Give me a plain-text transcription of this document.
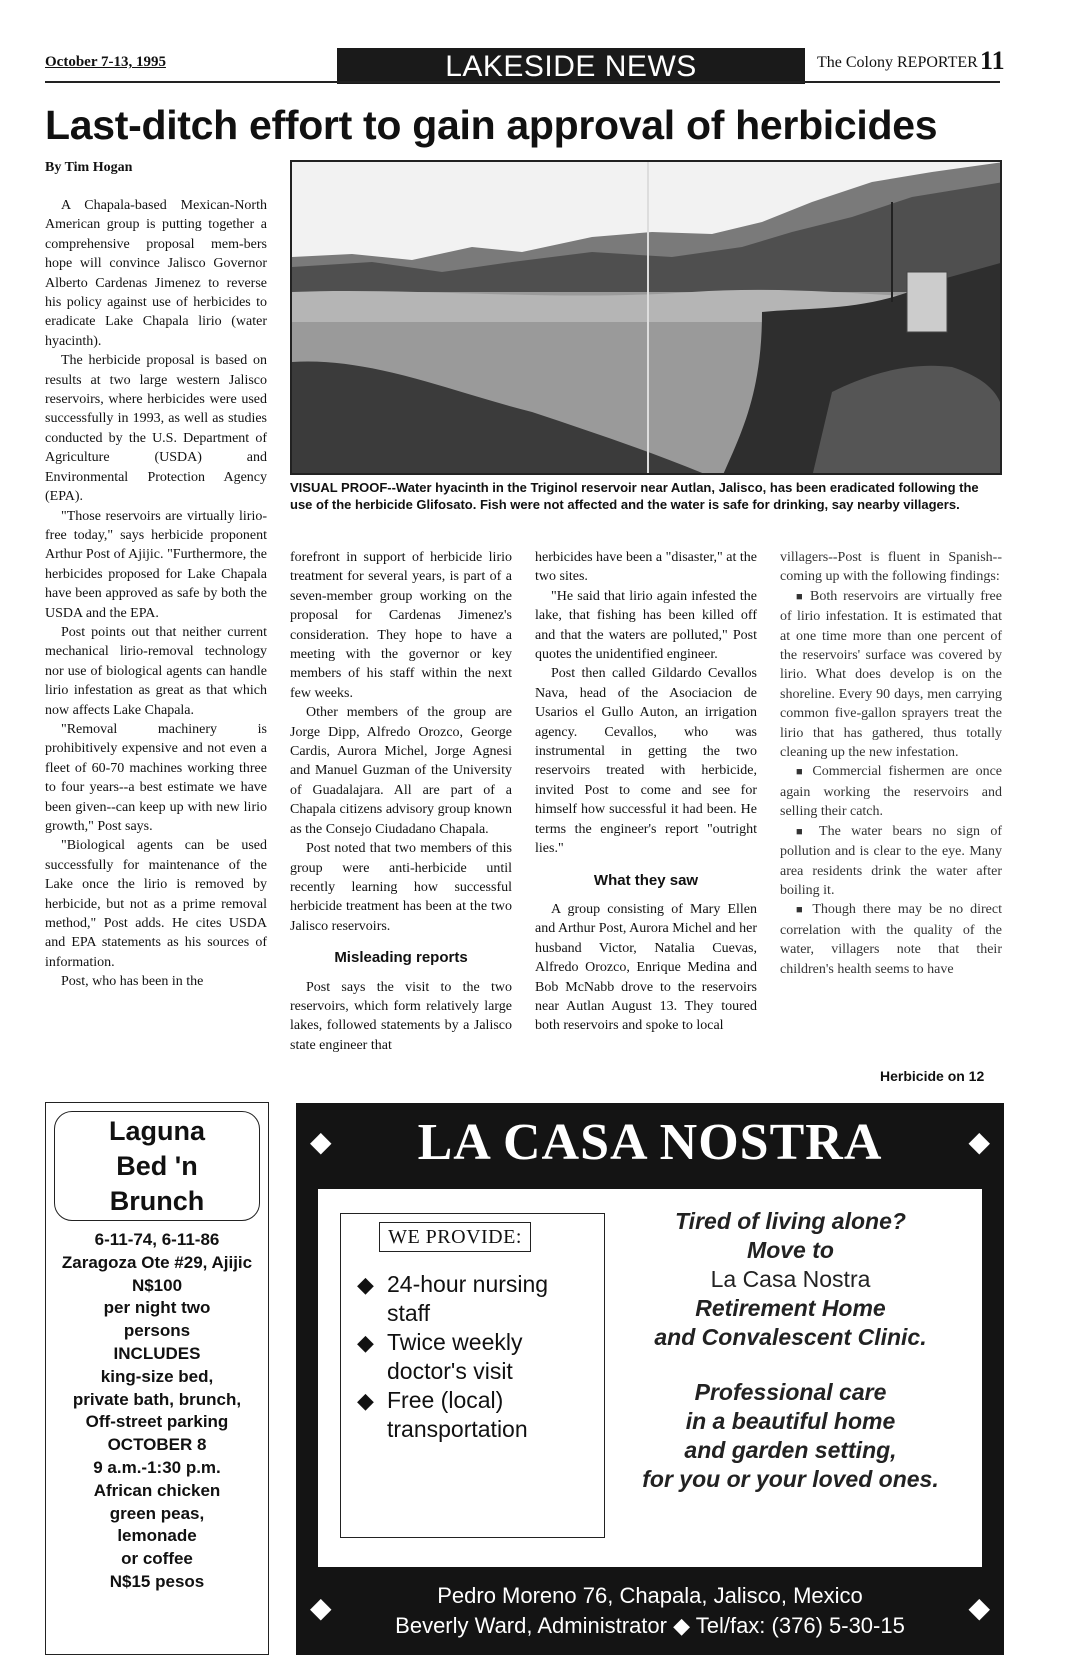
October 7-13, 1995	LAKESIDE NEWS	The Colony REPORTER 11
Last-ditch effort to gain approval of herbicides
By Tim Hogan

A Chapala-based Mexican-North American group is putting together a comprehensive proposal mem-bers hope will convince Jalisco Governor Alberto Cardenas Jimenez to reverse his policy against use of herbicides to eradicate Lake Chapala lirio (water hyacinth).

The herbicide proposal is based on results at two large western Jalisco reservoirs, where herbicides were used successfully in 1993, as well as studies conducted by the U.S. Department of Agriculture (USDA) and Environmental Protection Agency (EPA).

"Those reservoirs are virtually lirio-free today," says herbicide proponent Arthur Post of Ajijic. "Furthermore, the herbicides proposed for Lake Chapala have been approved as safe by both the USDA and the EPA.

Post points out that neither current mechanical lirio-removal technology nor use of biological agents can handle lirio infestation as great as that which now affects Lake Chapala.

"Removal machinery is prohibitively expensive and not even a fleet of 60-70 machines working three to four years--a best estimate we have been given--can keep up with new lirio growth," Post says.

"Biological agents can be used successfully for maintenance of the Lake once the lirio is removed by herbicide, but not as a prime removal method," Post adds. He cites USDA and EPA statements as his sources of information.

Post, who has been in the

VISUAL PROOF--Water hyacinth in the Triginol reservoir near Autlan, Jalisco, has been eradicated following the use of the herbicide Glifosato. Fish were not affected and the water is safe for drinking, say nearby villagers.

forefront in support of herbicide lirio treatment for several years, is part of a seven-member group working on the proposal for Cardenas Jimenez's consideration. They hope to have a meeting with the governor or key members of his staff within the next few weeks.

Other members of the group are Jorge Dipp, Alfredo Orozco, George Cardis, Aurora Michel, Jorge Agnesi and Manuel Guzman of the University of Guadalajara. All are part of a Chapala citizens advisory group known as the Consejo Ciudadano Chapala.

Post noted that two members of this group were anti-herbicide until recently learning how successful herbicide treatment has been at the two Jalisco reservoirs.

Misleading reports

Post says the visit to the two reservoirs, which form relatively large lakes, followed statements by a Jalisco state engineer that

herbicides have been a "disaster," at the two sites.

"He said that lirio again infested the lake, that fishing has been killed off and that the waters are polluted," Post quotes the unidentified engineer.

Post then called Gildardo Cevallos Nava, head of the Asociacion de Usarios el Gullo Auton, an irrigation agency. Cevallos, who was instrumental in getting the two reservoirs treated with herbicide, invited Post to come and see for himself how successful it had been. He terms the engineer's report "outright lies."

What they saw

A group consisting of Mary Ellen and Arthur Post, Aurora Michel and her husband Victor, Natalia Cuevas, Alfredo Orozco, Enrique Medina and Bob McNabb drove to the reservoirs near Autlan August 13. They toured both reservoirs and spoke to local

villagers--Post is fluent in Spanish--coming up with the following findings:

■ Both reservoirs are virtually free of lirio infestation. It is estimated that at one time more than one percent of the reservoirs' surface was covered by lirio. What does develop is on the shoreline. Every 90 days, men carrying common five-gallon sprayers treat the lirio that has gathered, thus totally cleaning up the new infestation.

■ Commercial fishermen are once again working the reservoirs and selling their catch.

■ The water bears no sign of pollution and is clear to the eye. Many area residents drink the water after boiling it.

■ Though there may be no direct correlation with the quality of the water, villagers note that their children's health seems to have

Herbicide on 12
Laguna
Bed 'n
Brunch
6-11-74, 6-11-86
Zaragoza Ote #29, Ajijic
N$100
per night two
persons
INCLUDES
king-size bed,
private bath, brunch,
Off-street parking
OCTOBER 8
9 a.m.-1:30 p.m.
African chicken
green peas,
lemonade
or coffee
N$15 pesos
◆	◆
LA CASA NOSTRA
WE PROVIDE:
◆ 24-hour nursing staff
◆ Twice weekly doctor's visit
◆ Free (local) transportation
Tired of living alone?
Move to
La Casa Nostra
Retirement Home
and Convalescent Clinic.
Professional care
in a beautiful home
and garden setting,
for you or your loved ones.
◆	◆
Pedro Moreno 76, Chapala, Jalisco, Mexico
Beverly Ward, Administrator ◆ Tel/fax: (376) 5-30-15
